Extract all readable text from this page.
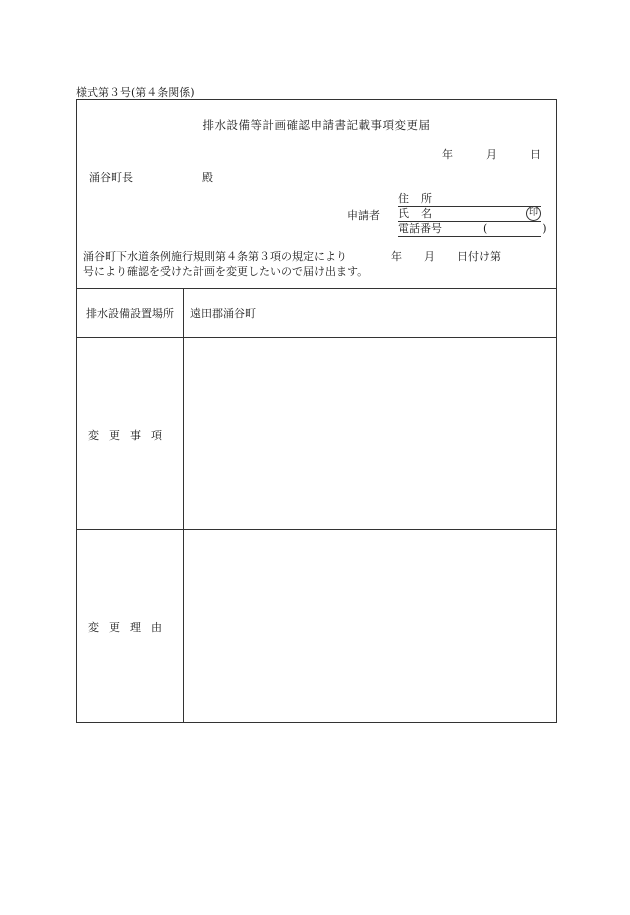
様式第３号(第４条関係)
排水設備等計画確認申請書記載事項変更届
年	月	日
涌谷町長	殿
申請者
住所
氏名	印
電話番号	(　)
涌谷町下水道条例施行規則第４条第３項の規定により　　　　年　　月　　日付け第
号により確認を受けた計画を変更したいので届け出ます。
排水設備設置場所	遠田郡涌谷町
変更事項
変更理由
